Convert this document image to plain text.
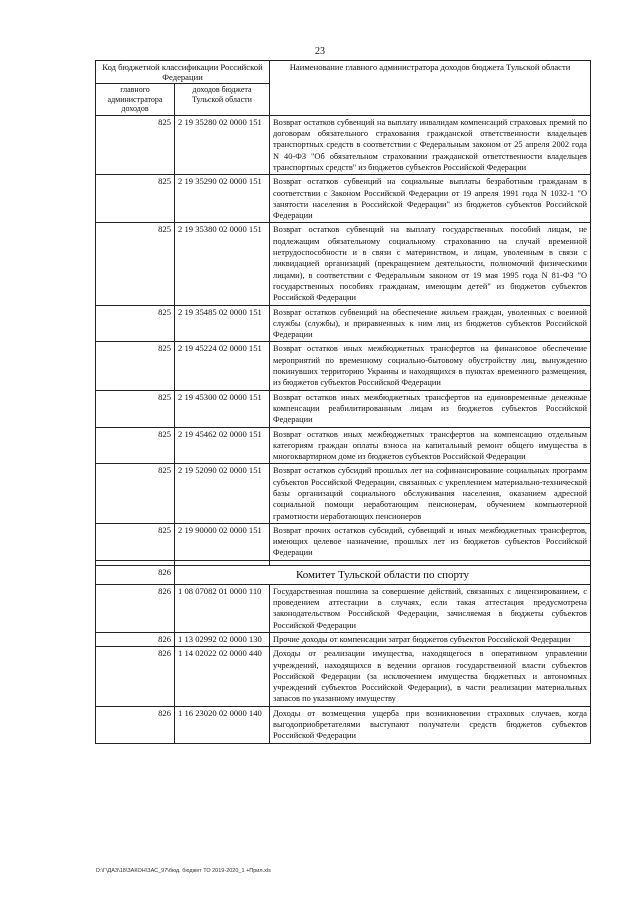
23
Код бюджетной классификации Российской Федерации		Наименование главного администратора доходов бюджета Тульской области
главного администратора доходов	доходов бюджета Тульской области	
825	2 19 35280 02 0000 151	Возврат остатков субвенций на выплату инвалидам компенсаций страховых премий по договорам обязательного страхования гражданской ответственности владельцев транспортных средств в соответствии с Федеральным законом от 25 апреля 2002 года N 40-ФЗ "Об обязательном страховании гражданской ответственности владельцев транспортных средств" из бюджетов субъектов Российской Федерации
825	2 19 35290 02 0000 151	Возврат остатков субвенций на социальные выплаты безработным гражданам в соответствии с Законом Российской Федерации от 19 апреля 1991 года N 1032-1 "О занятости населения в Российской Федерации" из бюджетов субъектов Российской Федерации
825	2 19 35380 02 0000 151	Возврат остатков субвенций на выплату государственных пособий лицам, не подлежащим обязательному социальному страхованию на случай временной нетрудоспособности и в связи с материнством, и лицам, уволенным в связи с ликвидацией организаций (прекращением деятельности, полномочий физическими лицами), в соответствии с Федеральным законом от 19 мая 1995 года N 81-ФЗ "О государственных пособиях гражданам, имеющим детей" из бюджетов субъектов Российской Федерации
825	2 19 35485 02 0000 151	Возврат остатков субвенций на обеспечение жильем граждан, уволенных с военной службы (службы), и приравненных к ним лиц из бюджетов субъектов Российской Федерации
825	2 19 45224 02 0000 151	Возврат остатков иных межбюджетных трансфертов на финансовое обеспечение мероприятий по временному социально-бытовому обустройству лиц, вынужденно покинувших территорию Украины и находящихся в пунктах временного размещения, из бюджетов субъектов Российской Федерации
825	2 19 45300 02 0000 151	Возврат остатков иных межбюджетных трансфертов на единовременные денежные компенсации реабилитированным лицам из бюджетов субъектов Российской Федерации
825	2 19 45462 02 0000 151	Возврат остатков иных межбюджетных трансфертов на компенсацию отдельным категориям граждан оплаты взноса на капитальный ремонт общего имущества в многоквартирном доме из бюджетов субъектов Российской Федерации
825	2 19 52090 02 0000 151	Возврат остатков субсидий прошлых лет на софинансирование социальных программ субъектов Российской Федерации, связанных с укреплением материально-технической базы организаций социального обслуживания населения, оказанием адресной социальной помощи неработающим пенсионерам, обучением компьютерной грамотности неработающих пенсионеров
825	2 19 90000 02 0000 151	Возврат прочих остатков субсидий, субвенций и иных межбюджетных трансфертов, имеющих целевое назначение, прошлых лет из бюджетов субъектов Российской Федерации

826	Комитет Тульской области по спорту	
826	1 08 07082 01 0000 110	Государственная пошлина за совершение действий, связанных с лицензированием, с проведением аттестации в случаях, если такая аттестация предусмотрена законодательством Российской Федерации, зачисляемая в бюджеты субъектов Российской Федерации
826	1 13 02992 02 0000 130	Прочие доходы от компенсации затрат бюджетов субъектов Российской Федерации
826	1 14 02022 02 0000 440	Доходы от реализации имущества, находящегося в оперативном управлении учреждений, находящихся в ведении органов государственной власти субъектов Российской Федерации (за исключением имущества бюджетных и автономных учреждений субъектов Российской Федерации), в части реализации материальных запасов по указанному имуществу
826	1 16 23020 02 0000 140	Доходы от возмещения ущерба при возникновении страховых случаев, когда выгодоприобретателями выступают получатели средств бюджетов субъектов Российской Федерации
D:\Г\ДАЗ\18\ЗАКОН\ЗАС_97\бюд. бюджет ТО 2019-2020_1 +Прил.xls
